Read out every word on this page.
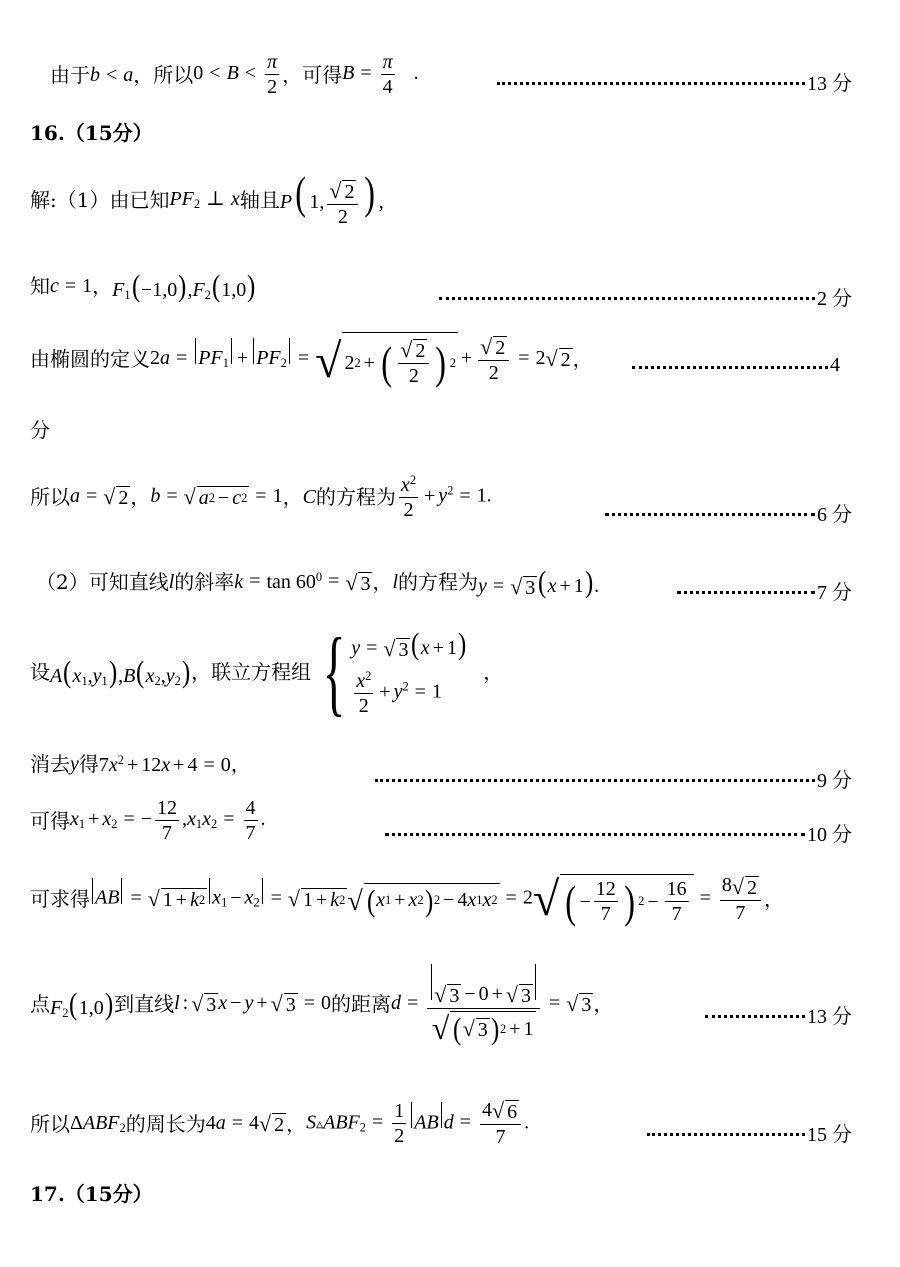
由于 b < a ，所以 $0 < B < \frac{\pi}{2}$ ，可得 $B = \frac{\pi}{4}$ .	13 分
16. （15分）
解:（1）由已知 $PF_2$ ⊥ x 轴且 P( 1, $\frac{√ 2}{2}$ ) ,
知 c = 1 ， $F_1(-1,0),F_2(1,0)$	2 分
由椭圆的定义 $2a = PF_1 + PF_2$ = √ 2 2 + ( $\frac{√ 2}{2}$ ) $2 + \frac{√ 2}{2} = 2$ √ 2 ，	4
分
所以 a = √ 2 ， b = √ a 2 − c 2 = 1 ， C 的方程为 $\frac{x^2}{2} + y^2 = 1$.
6 分
（2）可知直线 l 的斜率 $k = \tan 60^0$ = √ 3 ， l 的方程为 y = √ 3 (x + 1).	7 分
设 $A(x_1,y_1),B(x_2,y_2)$ ，联立方程组 { y = √ 3 (x + 1)
$\frac{x^2}{2} + y^2 = 1$
，
消去 y 得 $7x^2 + 12x + 4 = 0$ ，
9 分
可得 $x_1 + x_2$ = − $\frac{12}{7} ,x_1x_2 = \frac{4}{7}$ .
10 分
可求得 AB = √ 1 + k 2 $x_1 - x_2$ = √ 1 + k 2 √ ( x 1 + x 2 ) 2 − 4 x 1 x 2 = 2 √ ( − $\frac{12}{7}$ ) $2 - \frac{16}{7} = \frac{8 √ 2}{7}$ ，
点 $F_2(1,0)$ 到直线 l : √ 3 x − y + √ 3 = 0 的距离 $d = \frac{√ 3 - 0 + √ 3}{√ ( √ 3 ) 2 + 1}$ = √ 3 ，
13 分
所以 $\Delta ABF_2$ 的周长为 4a = 4 √ 2 ， $S▵ABF_2 = \frac{1}{2}$ AB $d = \frac{4 √ 6}{7}$ .
15 分
17. （15分）
